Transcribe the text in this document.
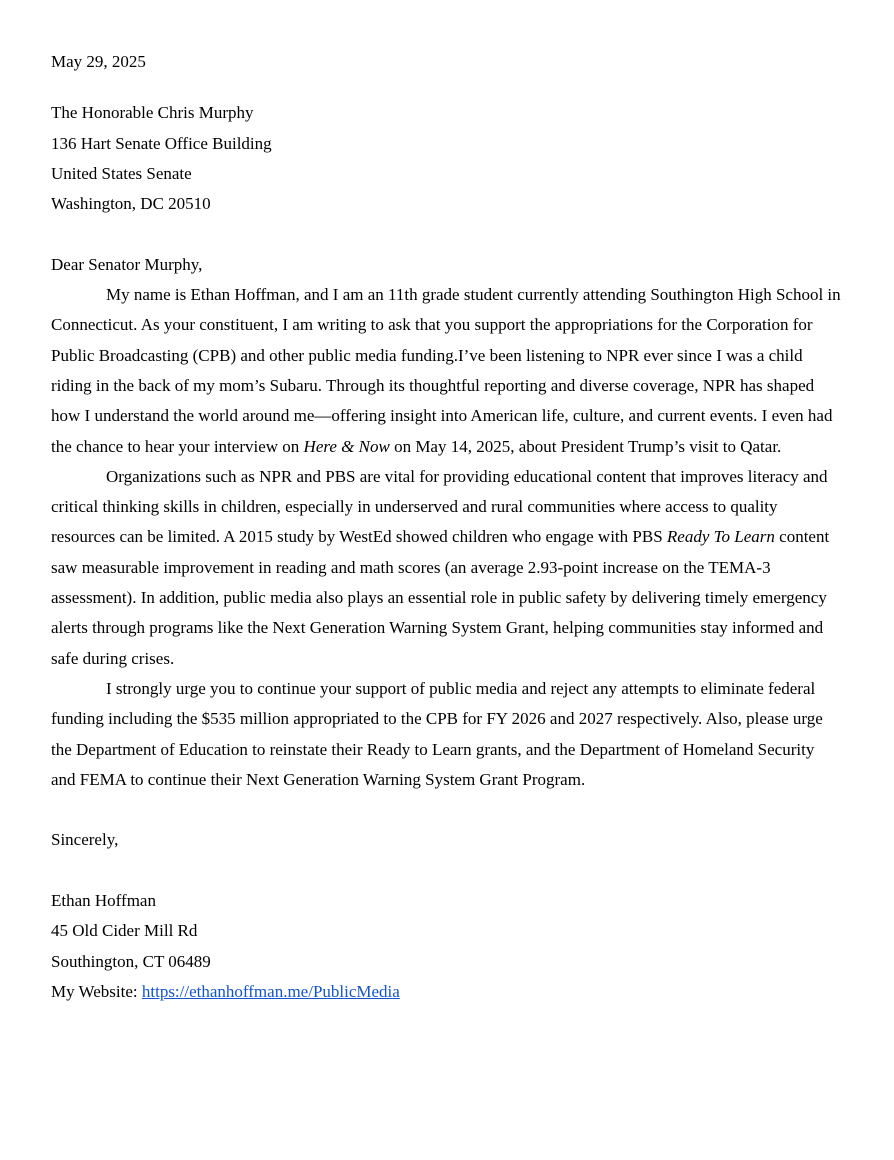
May 29, 2025

The Honorable Chris Murphy

136 Hart Senate Office Building

United States Senate

Washington, DC 20510

Dear Senator Murphy,

My name is Ethan Hoffman, and I am an 11th grade student currently attending Southington High School in Connecticut. As your constituent, I am writing to ask that you support the appropriations for the Corporation for Public Broadcasting (CPB) and other public media funding.I’ve been listening to NPR ever since I was a child riding in the back of my mom’s Subaru. Through its thoughtful reporting and diverse coverage, NPR has shaped how I understand the world around me—offering insight into American life, culture, and current events. I even had the chance to hear your interview on Here & Now on May 14, 2025, about President Trump’s visit to Qatar.

Organizations such as NPR and PBS are vital for providing educational content that improves literacy and critical thinking skills in children, especially in underserved and rural communities where access to quality resources can be limited. A 2015 study by WestEd showed children who engage with PBS Ready To Learn content saw measurable improvement in reading and math scores (an average 2.93-point increase on the TEMA-3 assessment). In addition, public media also plays an essential role in public safety by delivering timely emergency alerts through programs like the Next Generation Warning System Grant, helping communities stay informed and safe during crises.

I strongly urge you to continue your support of public media and reject any attempts to eliminate federal funding including the $535 million appropriated to the CPB for FY 2026 and 2027 respectively. Also, please urge the Department of Education to reinstate their Ready to Learn grants, and the Department of Homeland Security and FEMA to continue their Next Generation Warning System Grant Program.

Sincerely,

Ethan Hoffman

45 Old Cider Mill Rd

Southington, CT 06489

My Website: https://ethanhoffman.me/PublicMedia
